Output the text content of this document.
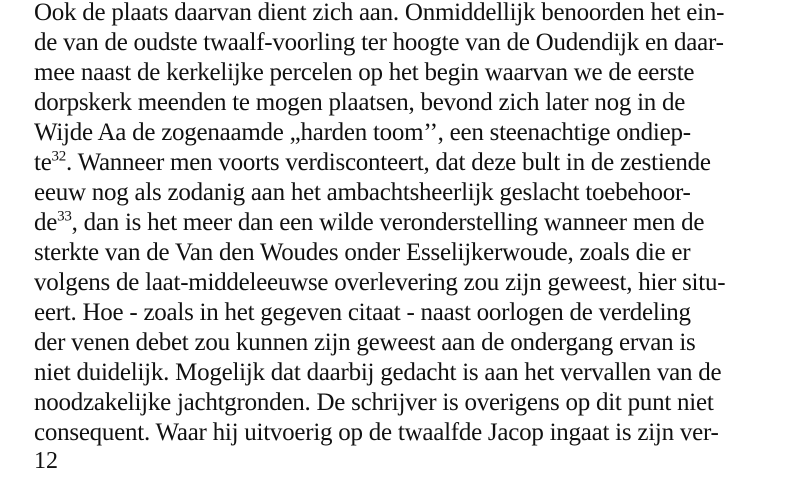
Ook de plaats daarvan dient zich aan. Onmiddellijk benoorden het ein-
de van de oudste twaalf-voorling ter hoogte van de Oudendijk en daar-
mee naast de kerkelijke percelen op het begin waarvan we de eerste
dorpskerk meenden te mogen plaatsen, bevond zich later nog in de
Wijde Aa de zogenaamde „harden toom’’, een steenachtige ondiep-
$te^{32}$. Wanneer men voorts verdisconteert, dat deze bult in de zestiende
eeuw nog als zodanig aan het ambachtsheerlijk geslacht toebehoor-
$de^{33}$, dan is het meer dan een wilde veronderstelling wanneer men de
sterkte van de Van den Woudes onder Esselijkerwoude, zoals die er
volgens de laat-middeleeuwse overlevering zou zijn geweest, hier situ-
eert. Hoe - zoals in het gegeven citaat - naast oorlogen de verdeling
der venen debet zou kunnen zijn geweest aan de ondergang ervan is
niet duidelijk. Mogelijk dat daarbij gedacht is aan het vervallen van de
noodzakelijke jachtgronden. De schrijver is overigens op dit punt niet
consequent. Waar hij uitvoerig op de twaalfde Jacop ingaat is zijn ver-
12
